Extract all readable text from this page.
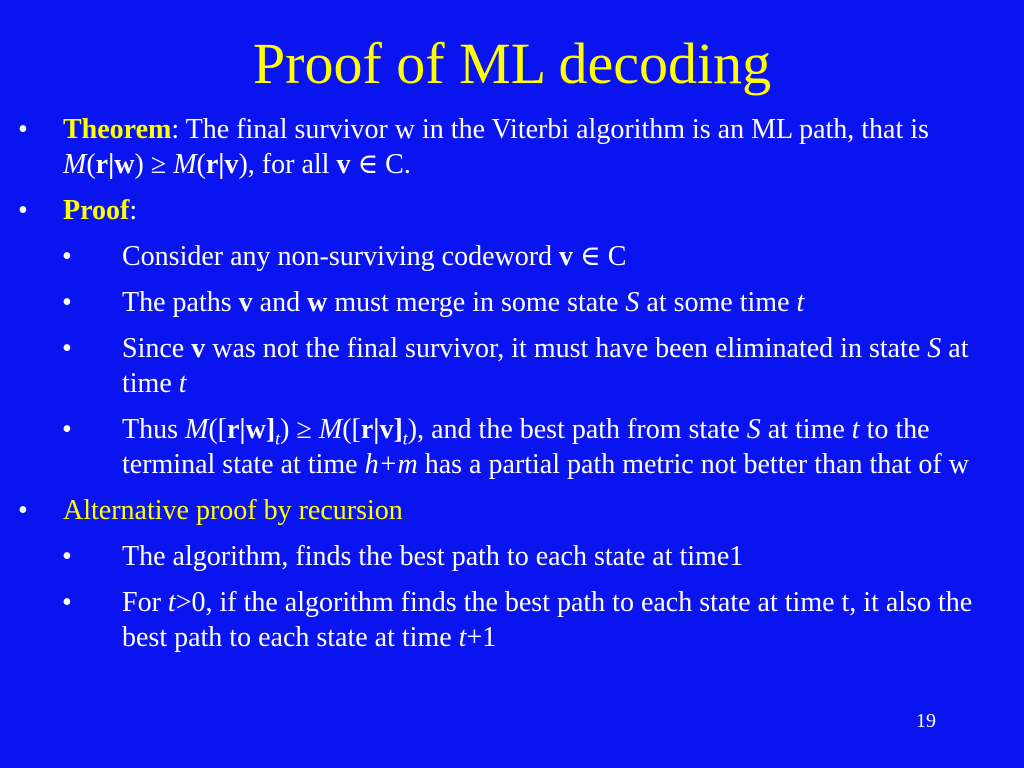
Proof of ML decoding
• Theorem: The final survivor w in the Viterbi algorithm is an ML path, that is M(r|w) ≥ M(r|v), for all v ∈ C.
• Proof:
• Consider any non-surviving codeword v ∈ C
• The paths v and w must merge in some state S at some time t
• Since v was not the final survivor, it must have been eliminated in state S at time t
• Thus $M([r|w]_t) \ge M([r|v]_t)$, and the best path from state S at time t to the terminal state at time h+m has a partial path metric not better than that of w
• Alternative proof by recursion
• The algorithm, finds the best path to each state at time1
• For t>0, if the algorithm finds the best path to each state at time t, it also the best path to each state at time t+1
19
